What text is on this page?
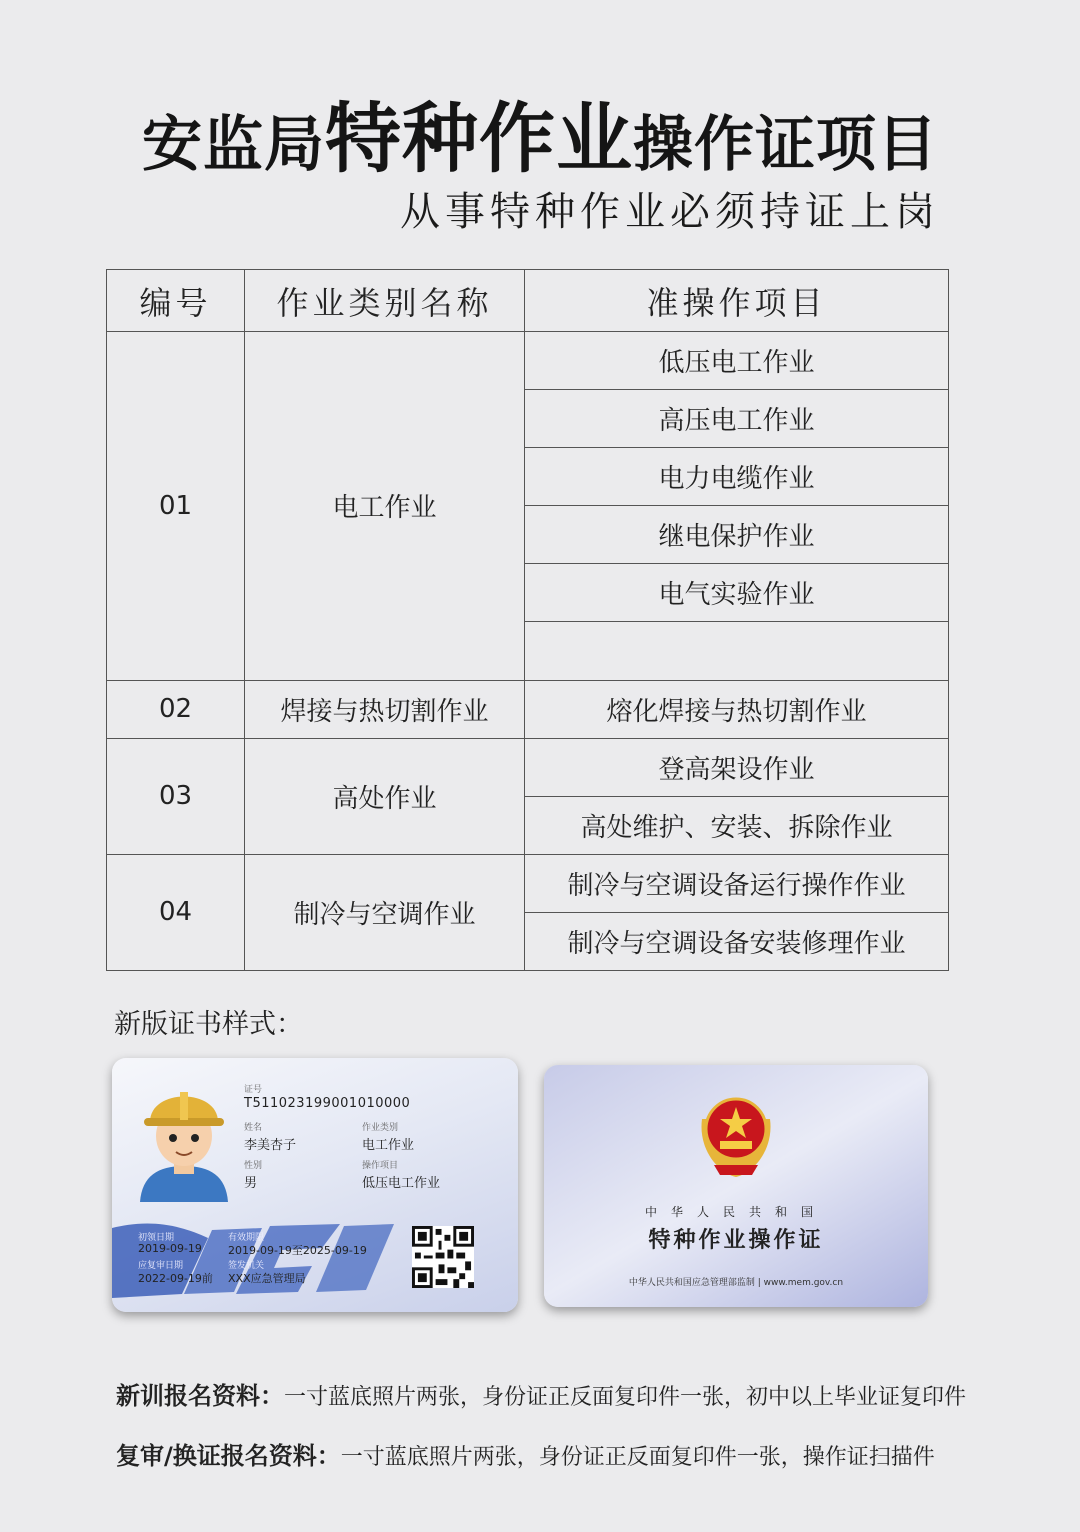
安监局特种作业操作证项目
从事特种作业必须持证上岗
编号	作业类别名称	准操作项目
01	电工作业	低压电工作业
		高压电工作业
		电力电缆作业
		继电保护作业
		电气实验作业

02	焊接与热切割作业	熔化焊接与热切割作业
03	高处作业	登高架设作业
		高处维护、安装、拆除作业
04	制冷与空调作业	制冷与空调设备运行操作作业
		制冷与空调设备安装修理作业
新版证书样式：
证号
T511023199001010000
姓名
李美杏子
作业类别
电工作业
性别
男
操作项目
低压电工作业
初领日期
2019-09-19
有效期限
2019-09-19至2025-09-19
应复审日期
2022-09-19前
签发机关
XXX应急管理局
中华人民共和国
特种作业操作证
中华人民共和国应急管理部监制 | www.mem.gov.cn
新训报名资料：一寸蓝底照片两张，身份证正反面复印件一张，初中以上毕业证复印件
复审/换证报名资料：一寸蓝底照片两张，身份证正反面复印件一张，操作证扫描件
